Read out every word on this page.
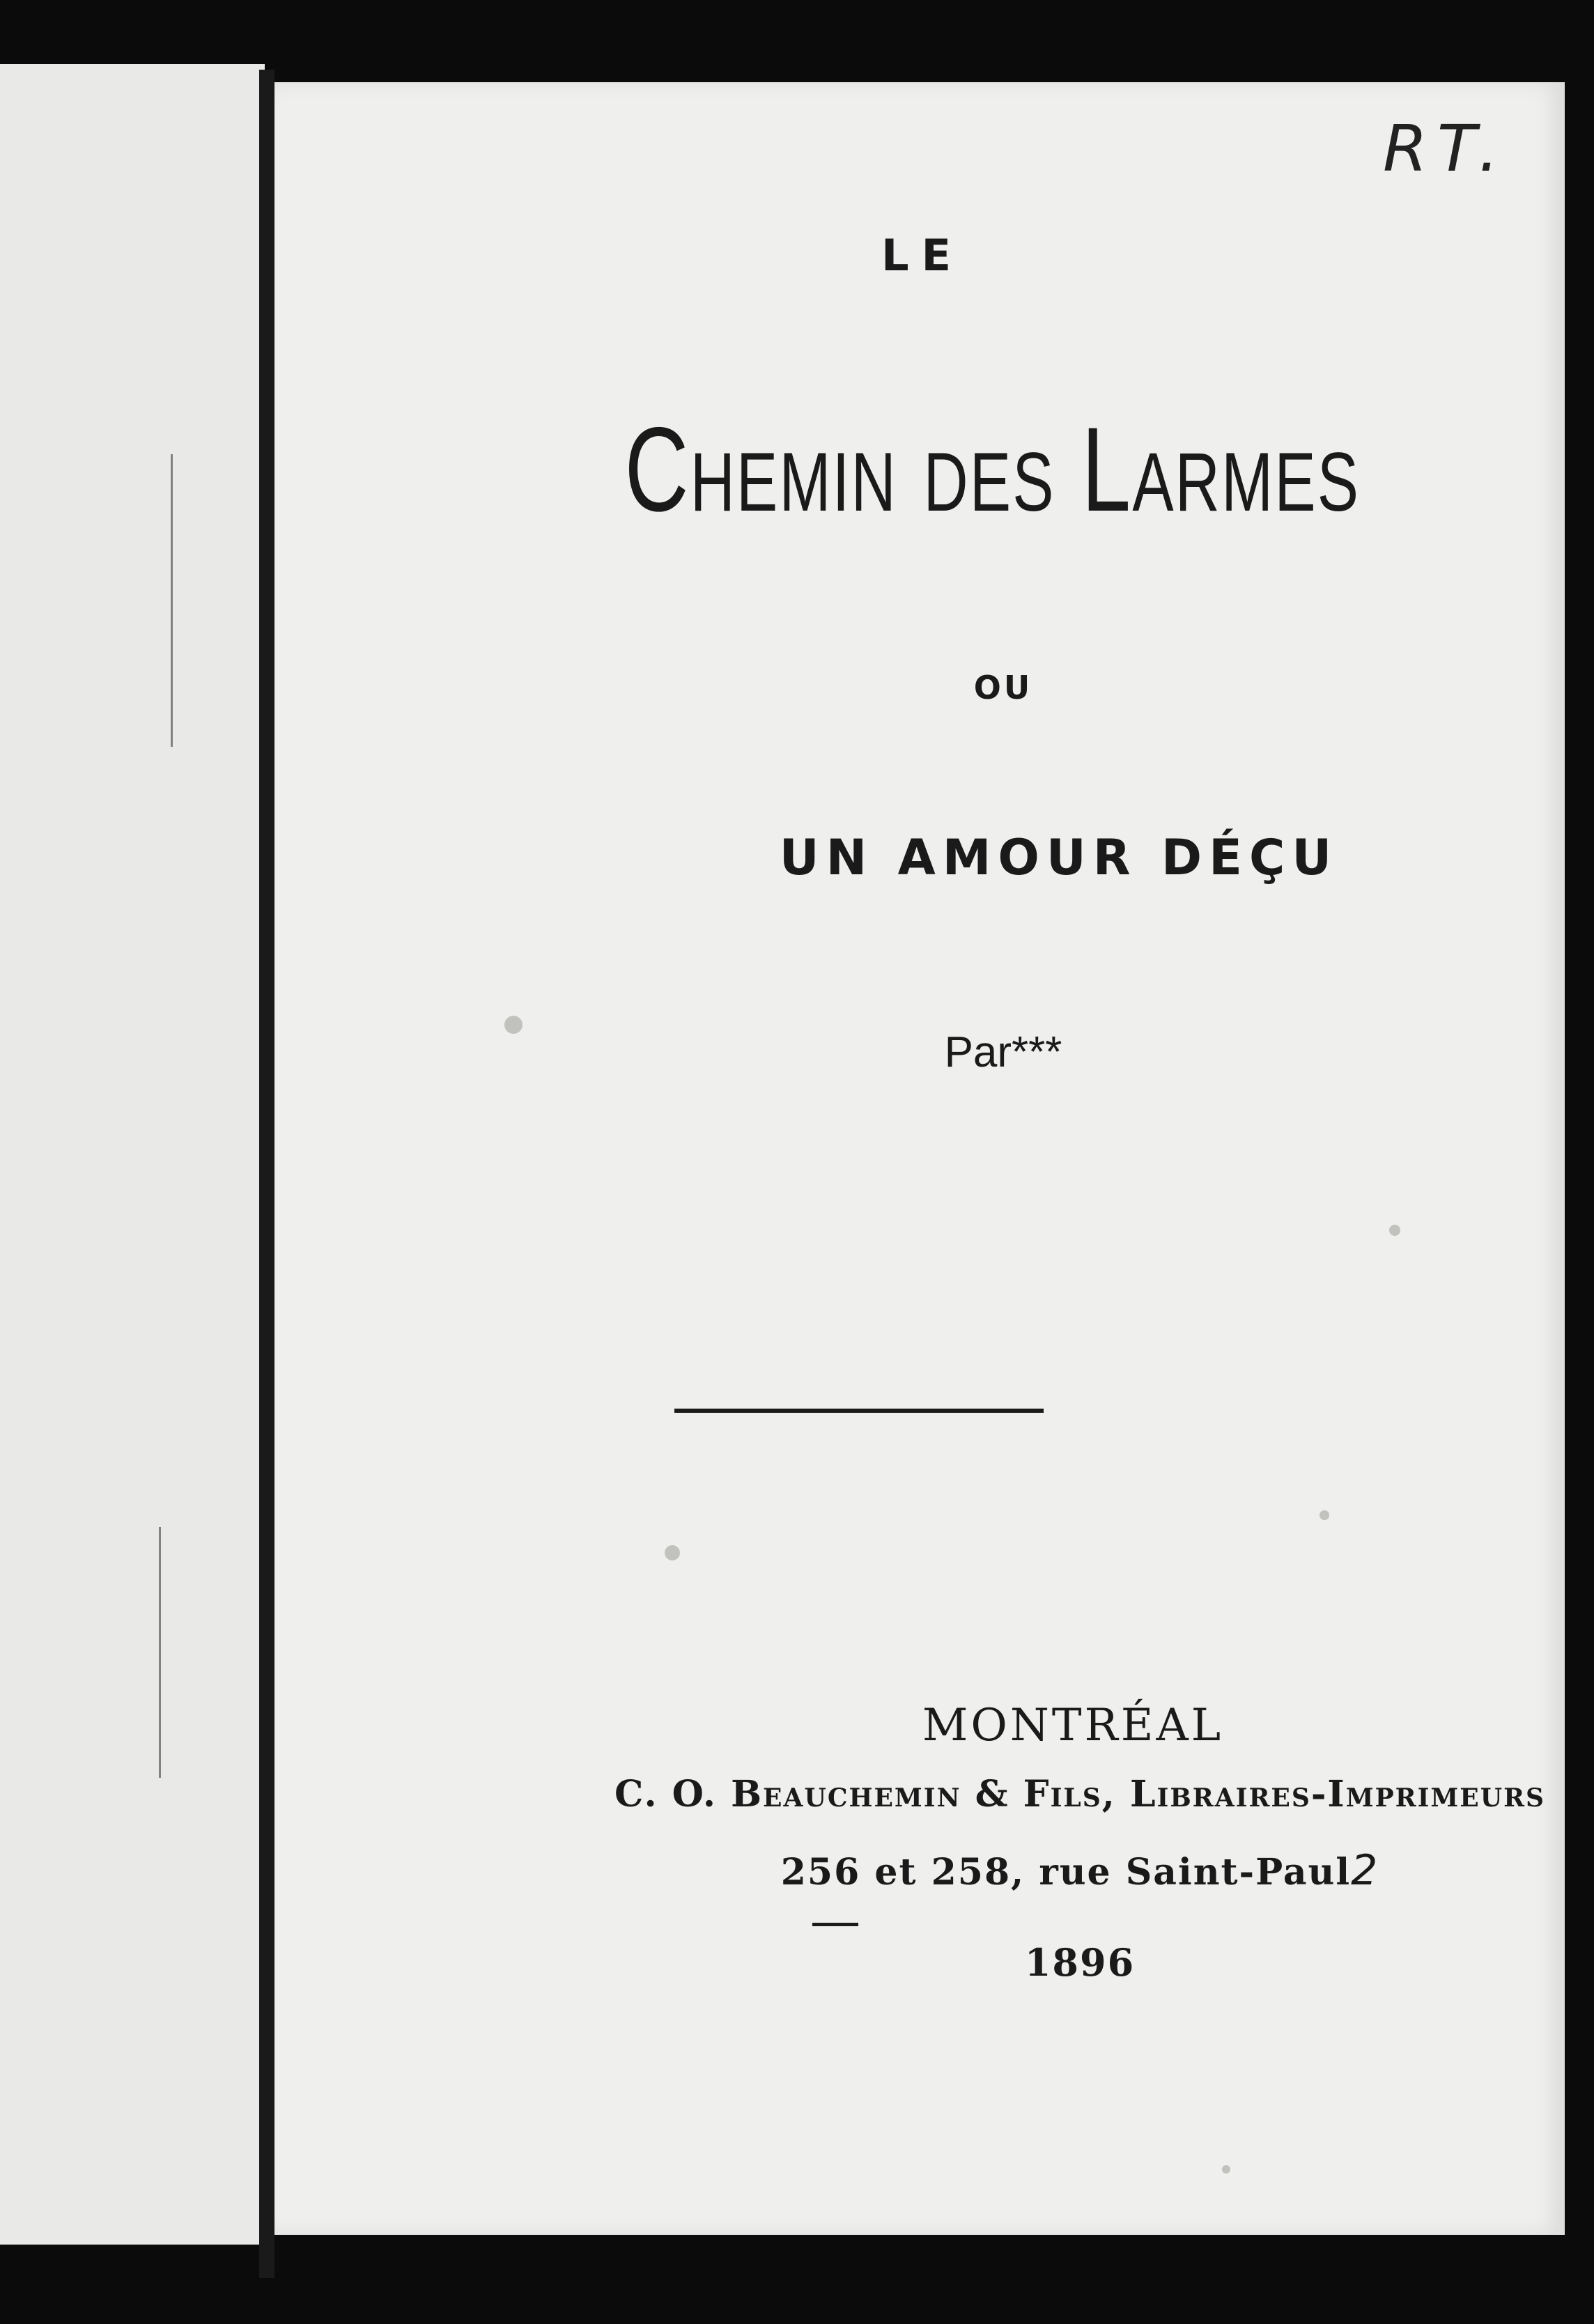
RT.
LE
Chemin des Larmes
OU
UN AMOUR DÉÇU
Par***
MONTRÉAL
C. O. Beauchemin & Fils, Libraires-Imprimeurs
256 et 258, rue Saint-Paul2
1896
